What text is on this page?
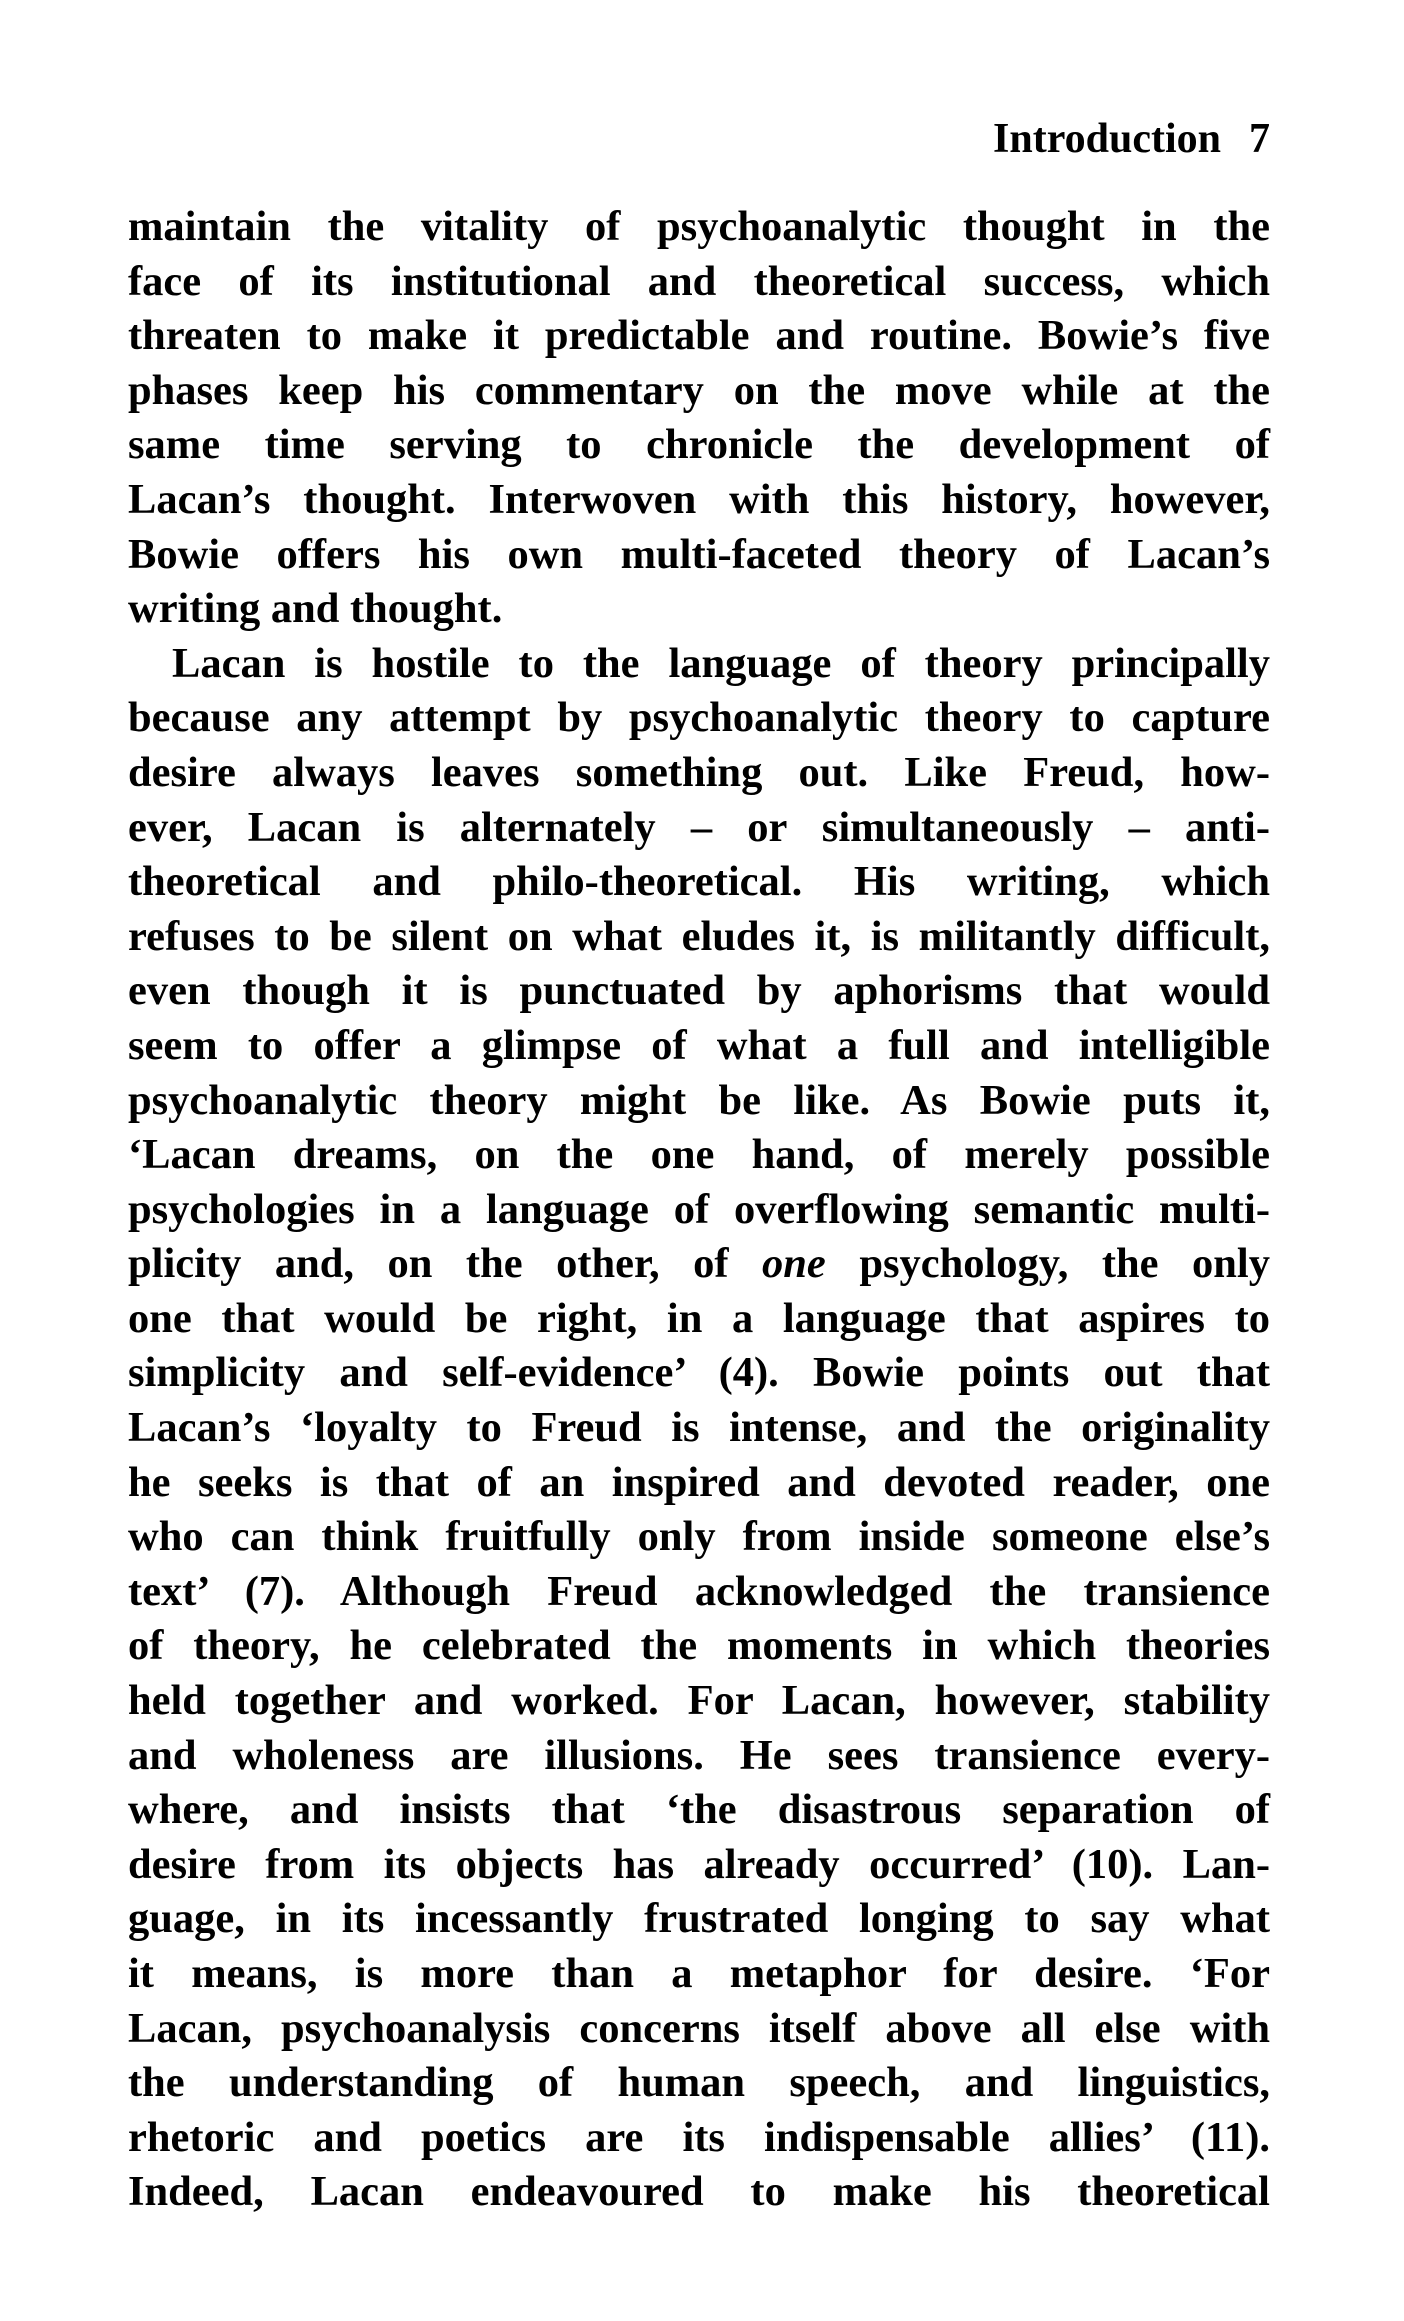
Introduction 7
maintain the vitality of psychoanalytic thought in the
face of its institutional and theoretical success, which
threaten to make it predictable and routine. Bowie’s five
phases keep his commentary on the move while at the
same time serving to chronicle the development of
Lacan’s thought. Interwoven with this history, however,
Bowie offers his own multi-faceted theory of Lacan’s
writing and thought.
Lacan is hostile to the language of theory principally
because any attempt by psychoanalytic theory to capture
desire always leaves something out. Like Freud, how-
ever, Lacan is alternately – or simultaneously – anti-
theoretical and philo-theoretical. His writing, which
refuses to be silent on what eludes it, is militantly difficult,
even though it is punctuated by aphorisms that would
seem to offer a glimpse of what a full and intelligible
psychoanalytic theory might be like. As Bowie puts it,
‘Lacan dreams, on the one hand, of merely possible
psychologies in a language of overflowing semantic multi-
plicity and, on the other, of one psychology, the only
one that would be right, in a language that aspires to
simplicity and self-evidence’ (4). Bowie points out that
Lacan’s ‘loyalty to Freud is intense, and the originality
he seeks is that of an inspired and devoted reader, one
who can think fruitfully only from inside someone else’s
text’ (7). Although Freud acknowledged the transience
of theory, he celebrated the moments in which theories
held together and worked. For Lacan, however, stability
and wholeness are illusions. He sees transience every-
where, and insists that ‘the disastrous separation of
desire from its objects has already occurred’ (10). Lan-
guage, in its incessantly frustrated longing to say what
it means, is more than a metaphor for desire. ‘For
Lacan, psychoanalysis concerns itself above all else with
the understanding of human speech, and linguistics,
rhetoric and poetics are its indispensable allies’ (11).
Indeed, Lacan endeavoured to make his theoretical
